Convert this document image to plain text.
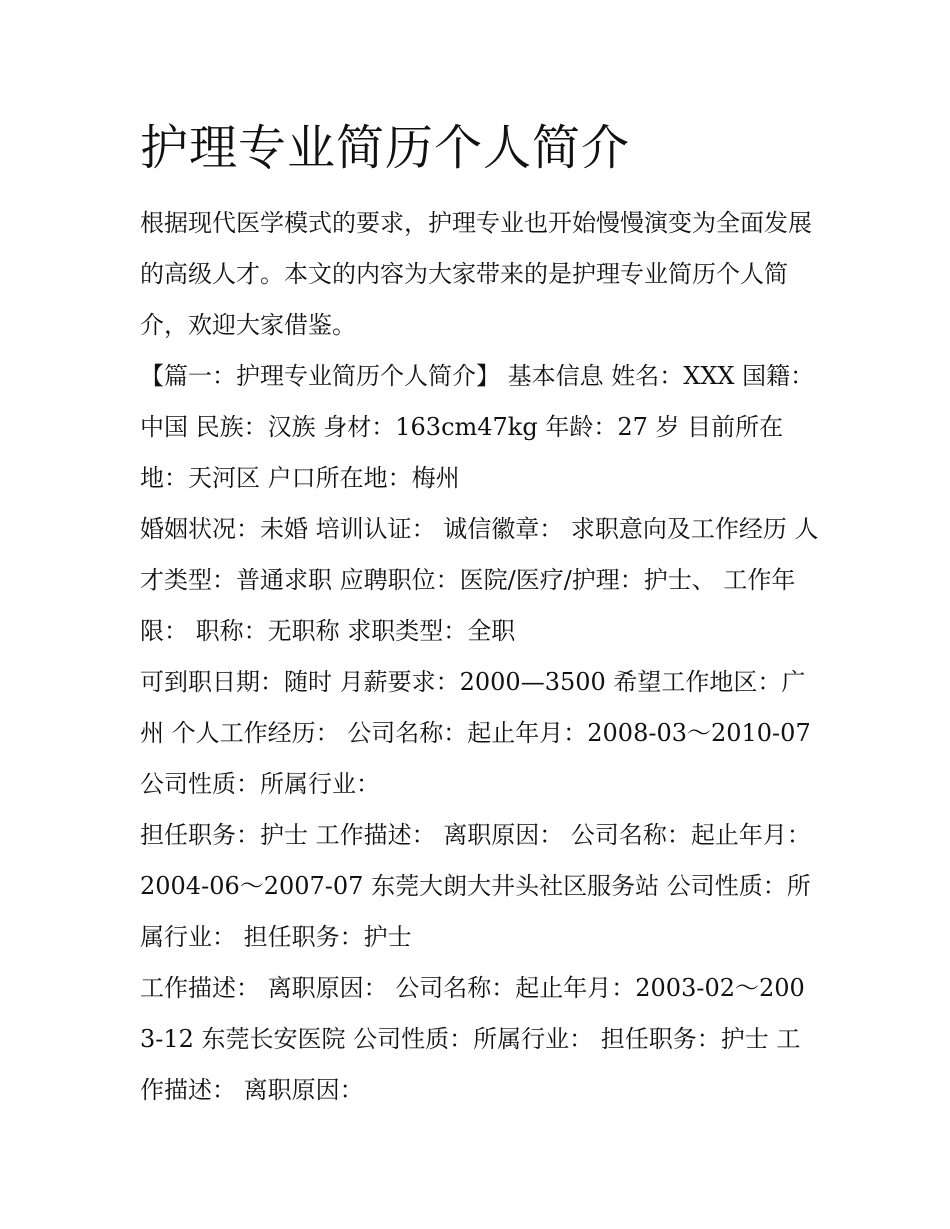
护理专业简历个人简介

根据现代医学模式的要求，护理专业也开始慢慢演变为全面发展的高级人才。本文的内容为大家带来的是护理专业简历个人简介，欢迎大家借鉴。

【篇一：护理专业简历个人简介】 基本信息 姓名：XXX 国籍：中国 民族：汉族 身材：163cm47kg 年龄：27 岁 目前所在地：天河区 户口所在地：梅州

婚姻状况：未婚 培训认证： 诚信徽章： 求职意向及工作经历 人才类型：普通求职 应聘职位：医院/医疗/护理：护士、 工作年限： 职称：无职称 求职类型：全职

可到职日期：随时 月薪要求：2000—3500 希望工作地区：广州 个人工作经历： 公司名称：起止年月：2008-03～2010-07 公司性质：所属行业：

担任职务：护士 工作描述： 离职原因： 公司名称：起止年月：2004-06～2007-07 东莞大朗大井头社区服务站 公司性质：所属行业： 担任职务：护士

工作描述： 离职原因： 公司名称：起止年月：2003-02～2003-12 东莞长安医院 公司性质：所属行业： 担任职务：护士 工作描述： 离职原因：
